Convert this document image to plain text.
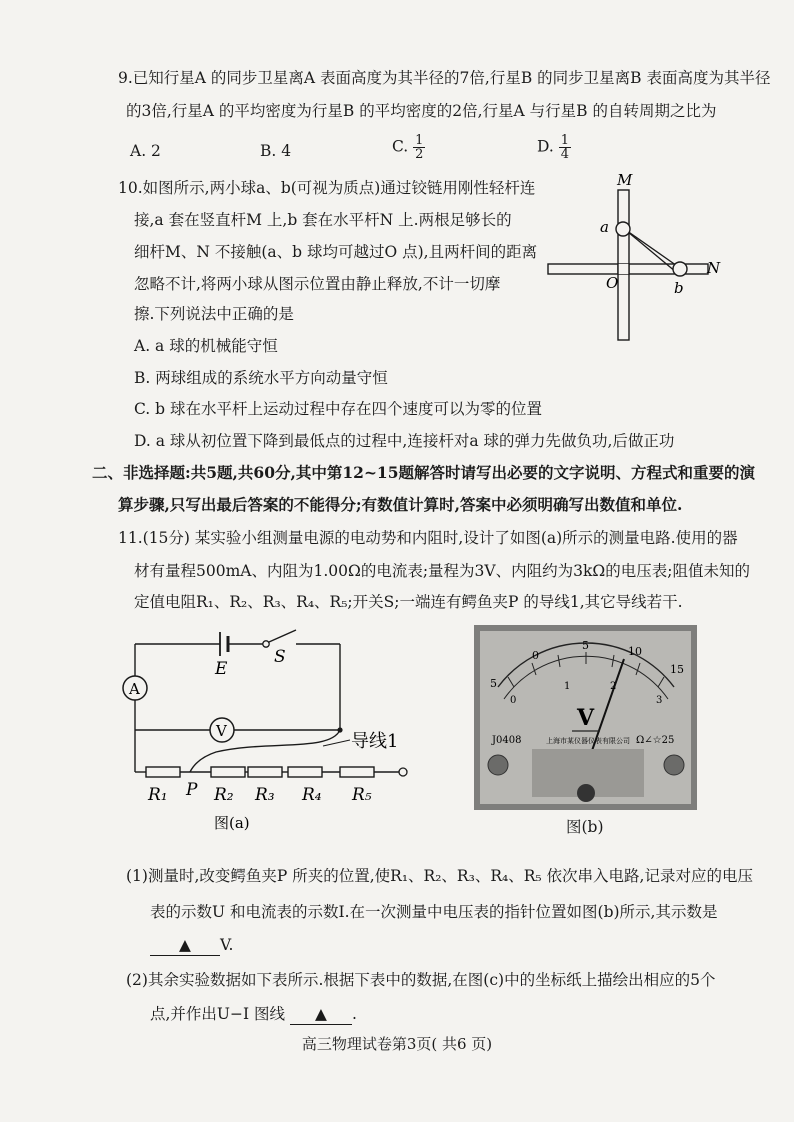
9.已知行星A 的同步卫星离A 表面高度为其半径的7倍,行星B 的同步卫星离B 表面高度为其半径
的3倍,行星A 的平均密度为行星B 的平均密度的2倍,行星A 与行星B 的自转周期之比为
A. 2	B. 4	C. $\frac{1}{2}$	D. $\frac{1}{4}$
10.如图所示,两小球a、b(可视为质点)通过铰链用刚性轻杆连
接,a 套在竖直杆M 上,b 套在水平杆N 上.两根足够长的
细杆M、N 不接触(a、b 球均可越过O 点),且两杆间的距离
忽略不计,将两小球从图示位置由静止释放,不计一切摩
擦.下列说法中正确的是
A. a 球的机械能守恒
B. 两球组成的系统水平方向动量守恒
C. b 球在水平杆上运动过程中存在四个速度可以为零的位置
D. a 球从初位置下降到最低点的过程中,连接杆对a 球的弹力先做负功,后做正功
M
N
a
b
O
二、非选择题:共5题,共60分,其中第12~15题解答时请写出必要的文字说明、方程式和重要的演
算步骤,只写出最后答案的不能得分;有数值计算时,答案中必须明确写出数值和单位.
11.(15分) 某实验小组测量电源的电动势和内阻时,设计了如图(a)所示的测量电路.使用的器
材有量程500mA、内阻为1.00Ω的电流表;量程为3V、内阻约为3kΩ的电压表;阻值未知的
定值电阻R₁、R₂、R₃、R₄、R₅;开关S;一端连有鳄鱼夹P 的导线1,其它导线若干.
E
S
A
V	导线1
R₁ P R₂ R₃ R₄ R₅
图(a)
5
0
5	10
15
0
1	2
3
V
J0408	上海市某仪器仪表有限公司 Ω∠☆25
图(b)
(1)测量时,改变鳄鱼夹P 所夹的位置,使R₁、R₂、R₃、R₄、R₅ 依次串入电路,记录对应的电压
表的示数U 和电流表的示数I.在一次测量中电压表的指针位置如图(b)所示,其示数是
▲ V.
(2)其余实验数据如下表所示.根据下表中的数据,在图(c)中的坐标纸上描绘出相应的5个
点,并作出U−I 图线 ▲ .
高三物理试卷第3页( 共6 页)
